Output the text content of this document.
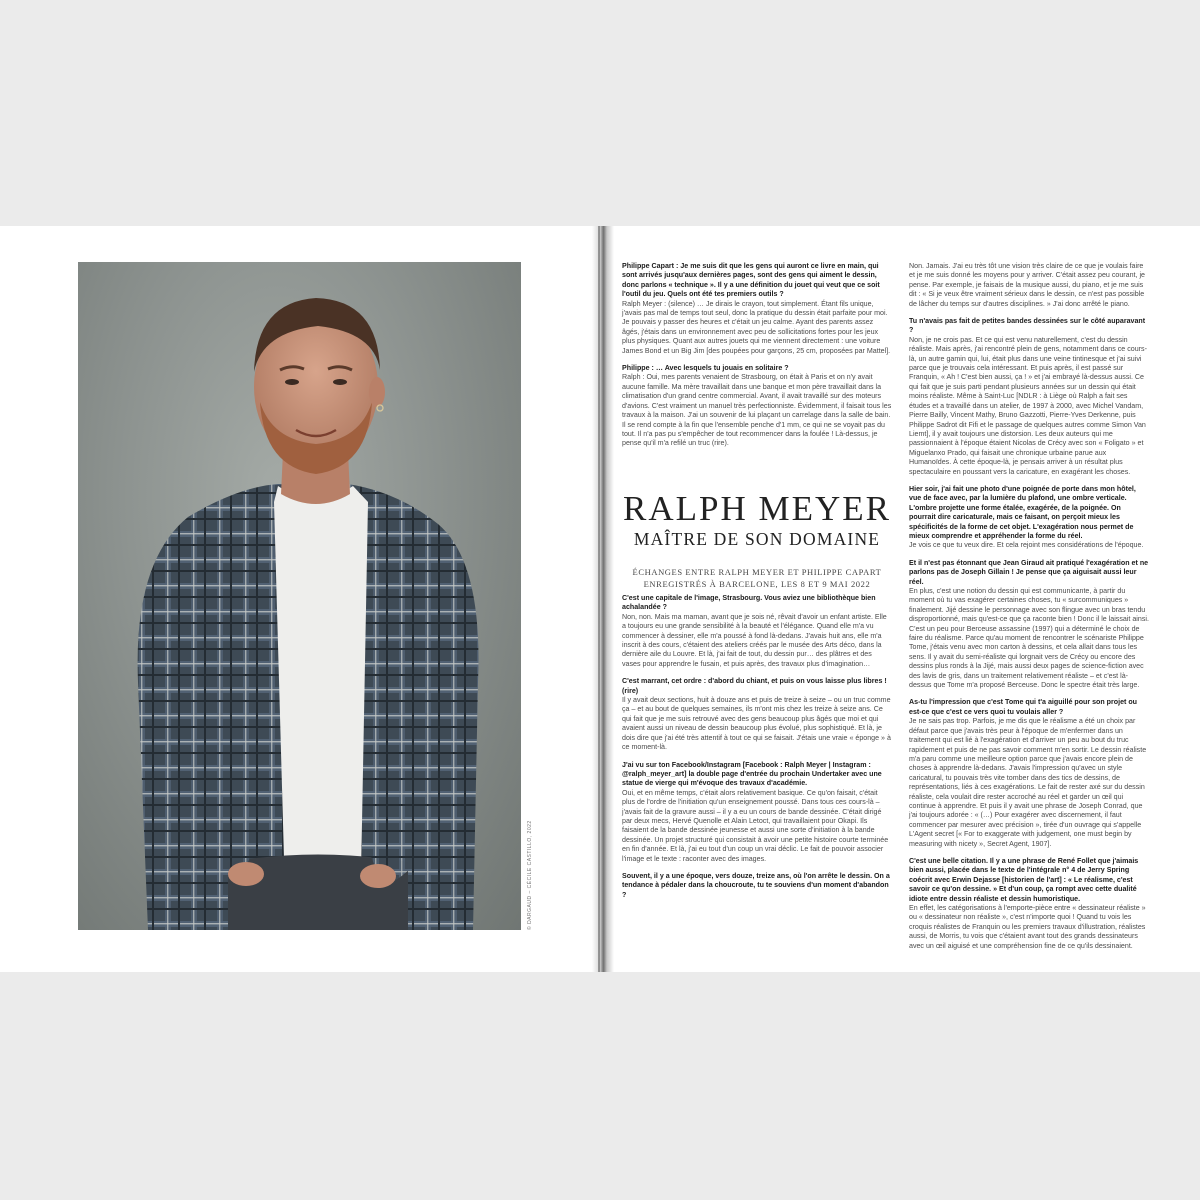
© DARGAUD – CÉCILE CASTILLO, 2022

Philippe Capart : Je me suis dit que les gens qui auront ce livre en main, qui sont arrivés jusqu'aux dernières pages, sont des gens qui aiment le dessin, donc parlons « technique ». Il y a une définition du jouet qui veut que ce soit l'outil du jeu. Quels ont été tes premiers outils ?

Ralph Meyer : (silence) … Je dirais le crayon, tout simplement. Étant fils unique, j'avais pas mal de temps tout seul, donc la pratique du dessin était parfaite pour moi. Je pouvais y passer des heures et c'était un jeu calme. Ayant des parents assez âgés, j'étais dans un environnement avec peu de sollicitations fortes pour les jeux plus physiques. Quant aux autres jouets qui me viennent directement : une voiture James Bond et un Big Jim [des poupées pour garçons, 25 cm, proposées par Mattel].

Philippe : … Avec lesquels tu jouais en solitaire ?

Ralph : Oui, mes parents venaient de Strasbourg, on était à Paris et on n'y avait aucune famille. Ma mère travaillait dans une banque et mon père travaillait dans la climatisation d'un grand centre commercial. Avant, il avait travaillé sur des moteurs d'avions. C'est vraiment un manuel très perfectionniste. Évidemment, il faisait tous les travaux à la maison. J'ai un souvenir de lui plaçant un carrelage dans la salle de bain. Il se rend compte à la fin que l'ensemble penche d'1 mm, ce qui ne se voyait pas du tout. Il n'a pas pu s'empêcher de tout recommencer dans la foulée ! Là-dessus, je pense qu'il m'a refilé un truc (rire).

RALPH MEYER

MAÎTRE DE SON DOMAINE

ÉCHANGES ENTRE RALPH MEYER ET PHILIPPE CAPART
ENREGISTRÉS À BARCELONE, LES 8 ET 9 MAI 2022

C'est une capitale de l'image, Strasbourg. Vous aviez une bibliothèque bien achalandée ?

Non, non. Mais ma maman, avant que je sois né, rêvait d'avoir un enfant artiste. Elle a toujours eu une grande sensibilité à la beauté et l'élégance. Quand elle m'a vu commencer à dessiner, elle m'a poussé à fond là-dedans. J'avais huit ans, elle m'a inscrit à des cours, c'étaient des ateliers créés par le musée des Arts déco, dans la dernière aile du Louvre. Et là, j'ai fait de tout, du dessin pur… des plâtres et des vases pour apprendre le fusain, et puis après, des travaux plus d'imagination…

C'est marrant, cet ordre : d'abord du chiant, et puis on vous laisse plus libres ! (rire)

Il y avait deux sections, huit à douze ans et puis de treize à seize – ou un truc comme ça – et au bout de quelques semaines, ils m'ont mis chez les treize à seize ans. Ce qui fait que je me suis retrouvé avec des gens beaucoup plus âgés que moi et qui avaient aussi un niveau de dessin beaucoup plus évolué, plus sophistiqué. Et là, je dois dire que j'ai été très attentif à tout ce qui se faisait. J'étais une vraie « éponge » à ce moment-là.

J'ai vu sur ton Facebook/Instagram [Facebook : Ralph Meyer | Instagram : @ralph_meyer_art] la double page d'entrée du prochain Undertaker avec une statue de vierge qui m'évoque des travaux d'académie.

Oui, et en même temps, c'était alors relativement basique. Ce qu'on faisait, c'était plus de l'ordre de l'initiation qu'un enseignement poussé. Dans tous ces cours-là – j'avais fait de la gravure aussi – il y a eu un cours de bande dessinée. C'était dirigé par deux mecs, Hervé Quenolle et Alain Letoct, qui travaillaient pour Okapi. Ils faisaient de la bande dessinée jeunesse et aussi une sorte d'initiation à la bande dessinée. Un projet structuré qui consistait à avoir une petite histoire courte terminée en fin d'année. Et là, j'ai eu tout d'un coup un vrai déclic. Le fait de pouvoir associer l'image et le texte : raconter avec des images.

Souvent, il y a une époque, vers douze, treize ans, où l'on arrête le dessin. On a tendance à pédaler dans la choucroute, tu te souviens d'un moment d'abandon ?

Non. Jamais. J'ai eu très tôt une vision très claire de ce que je voulais faire et je me suis donné les moyens pour y arriver. C'était assez peu courant, je pense. Par exemple, je faisais de la musique aussi, du piano, et je me suis dit : « Si je veux être vraiment sérieux dans le dessin, ce n'est pas possible de lâcher du temps sur d'autres disciplines. » J'ai donc arrêté le piano.

Tu n'avais pas fait de petites bandes dessinées sur le côté auparavant ?

Non, je ne crois pas. Et ce qui est venu naturellement, c'est du dessin réaliste. Mais après, j'ai rencontré plein de gens, notamment dans ce cours-là, un autre gamin qui, lui, était plus dans une veine tintinesque et j'ai suivi parce que je trouvais cela intéressant. Et puis après, il est passé sur Franquin, « Ah ! C'est bien aussi, ça ! » et j'ai embrayé là-dessus aussi. Ce qui fait que je suis parti pendant plusieurs années sur un dessin qui était moins réaliste. Même à Saint-Luc [NDLR : à Liège où Ralph a fait ses études et a travaillé dans un atelier, de 1997 à 2000, avec Michel Vandam, Pierre Bailly, Vincent Mathy, Bruno Gazzotti, Pierre-Yves Derkenne, puis Philippe Sadrot dit Fifi et le passage de quelques autres comme Simon Van Liemt], il y avait toujours une distorsion. Les deux auteurs qui me passionnaient à l'époque étaient Nicolas de Crécy avec son « Foligato » et Miguelanxo Prado, qui faisait une chronique urbaine parue aux Humanoïdes. À cette époque-là, je pensais arriver à un résultat plus spectaculaire en poussant vers la caricature, en exagérant les choses.

Hier soir, j'ai fait une photo d'une poignée de porte dans mon hôtel, vue de face avec, par la lumière du plafond, une ombre verticale. L'ombre projette une forme étalée, exagérée, de la poignée. On pourrait dire caricaturale, mais ce faisant, on perçoit mieux les spécificités de la forme de cet objet. L'exagération nous permet de mieux comprendre et appréhender la forme du réel.

Je vois ce que tu veux dire. Et cela rejoint mes considérations de l'époque.

Et il n'est pas étonnant que Jean Giraud ait pratiqué l'exagération et ne parlons pas de Joseph Gillain ! Je pense que ça aiguisait aussi leur réel.

En plus, c'est une notion du dessin qui est communicante, à partir du moment où tu vas exagérer certaines choses, tu « surcommuniques » finalement. Jijé dessine le personnage avec son flingue avec un bras tendu disproportionné, mais qu'est-ce que ça raconte bien ! Donc il le laissait ainsi. C'est un peu pour Berceuse assassine (1997) qui a déterminé le choix de faire du réalisme. Parce qu'au moment de rencontrer le scénariste Philippe Tome, j'étais venu avec mon carton à dessins, et cela allait dans tous les sens. Il y avait du semi-réaliste qui lorgnait vers de Crécy ou encore des dessins plus ronds à la Jijé, mais aussi deux pages de science-fiction avec des lavis de gris, dans un traitement relativement réaliste – et c'est là-dessus que Tome m'a proposé Berceuse. Donc le spectre était très large.

As-tu l'impression que c'est Tome qui t'a aiguillé pour son projet ou est-ce que c'est ce vers quoi tu voulais aller ?

Je ne sais pas trop. Parfois, je me dis que le réalisme a été un choix par défaut parce que j'avais très peur à l'époque de m'enfermer dans un traitement qui est lié à l'exagération et d'arriver un peu au bout du truc rapidement et puis de ne pas savoir comment m'en sortir. Le dessin réaliste m'a paru comme une meilleure option parce que j'avais encore plein de choses à apprendre là-dedans. J'avais l'impression qu'avec un style caricatural, tu pouvais très vite tomber dans des tics de dessins, de représentations, liés à ces exagérations. Le fait de rester axé sur du dessin réaliste, cela voulait dire rester accroché au réel et garder un œil qui continue à apprendre. Et puis il y avait une phrase de Joseph Conrad, que j'ai toujours adorée : « (…) Pour exagérer avec discernement, il faut commencer par mesurer avec précision », tirée d'un ouvrage qui s'appelle L'Agent secret [« For to exaggerate with judgement, one must begin by measuring with nicety », Secret Agent, 1907].

C'est une belle citation. Il y a une phrase de René Follet que j'aimais bien aussi, placée dans le texte de l'intégrale n° 4 de Jerry Spring coécrit avec Erwin Dejasse [historien de l'art] : « Le réalisme, c'est savoir ce qu'on dessine. » Et d'un coup, ça rompt avec cette dualité idiote entre dessin réaliste et dessin humoristique.

En effet, les catégorisations à l'emporte-pièce entre « dessinateur réaliste » ou « dessinateur non réaliste », c'est n'importe quoi ! Quand tu vois les croquis réalistes de Franquin ou les premiers travaux d'illustration, réalistes aussi, de Morris, tu vois que c'étaient avant tout des grands dessinateurs avec un œil aiguisé et une compréhension fine de ce qu'ils dessinaient.
